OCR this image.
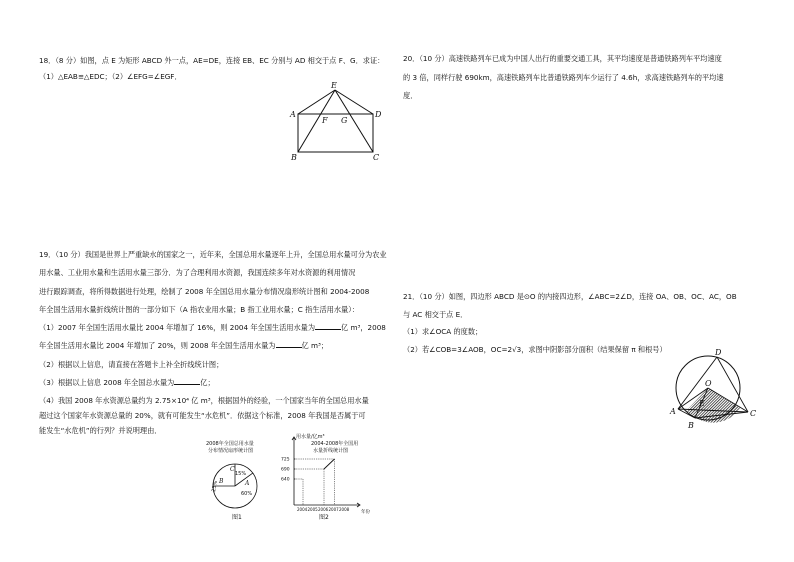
18．（8 分）如图，点 E 为矩形 ABCD 外一点，AE=DE，连接 EB、EC 分别与 AD 相交于点 F、G．求证：

（1）△EAB≌△EDC；（2）∠EFG=∠EGF．

E
A	D
B	C
F G

19．（10 分）我国是世界上严重缺水的国家之一，近年来，全国总用水量逐年上升，全国总用水量可分为农业

用水量、工业用水量和生活用水量三部分．为了合理利用水资源，我国连续多年对水资源的利用情况

进行跟踪调查，将所得数据进行处理，绘制了 2008 年全国总用水量分布情况扇形统计图和 2004-2008

年全国生活用水量折线统计图的一部分如下（A 指农业用水量；B 指工业用水量；C 指生活用水量）：

（1）2007 年全国生活用水量比 2004 年增加了 16%，则 2004 年全国生活用水量为	亿 m³，2008

年全国生活用水量比 2004 年增加了 20%，则 2008 年全国生活用水量为	亿 m³；

（2）根据以上信息，请直接在答题卡上补全折线统计图；

（3）根据以上信息 2008 年全国总水量为	亿；

（4）我国 2008 年水资源总量约为 2.75×10⁴ 亿 m³，根据国外的经验，一个国家当年的全国总用水量

超过这个国家年水资源总量的 20%，就有可能发生“水危机”．依据这个标准，2008 年我国是否属于可

能发生“水危机”的行列？并说明理由．

2008年全国总用水量
分布情况扇形统计图
A
60%
B
25%
C
15%
图1
用水量/亿m³
2004-2008年全国用
水量折线统计图
年份
图2
640
690
725
2004 2005 2006 2007 2008

20．（10 分）高速铁路列车已成为中国人出行的重要交通工具，其平均速度是普通铁路列车平均速度

的 3 倍，同样行驶 690km，高速铁路列车比普通铁路列车少运行了 4.6h，求高速铁路列车的平均速

度．

21．（10 分）如图，四边形 ABCD 是⊙O 的内接四边形，∠ABC=2∠D，连接 OA、OB、OC、AC，OB

与 AC 相交于点 E．

（1）求∠OCA 的度数；

（2）若∠COB=3∠AOB，OC=2√3，求图中阴影部分面积（结果保留 π 和根号）	D
O
A
E
C
B
